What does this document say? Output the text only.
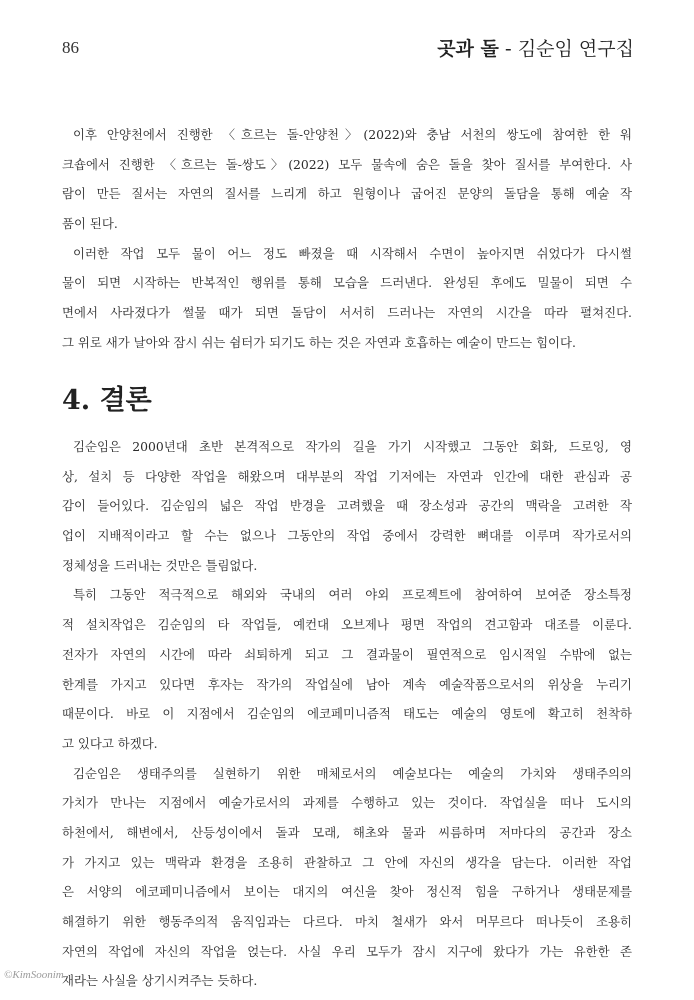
86	곳과 돌 - 김순임 연구집
이후 안양천에서 진행한 〈흐르는 돌-안양천〉(2022)와 충남 서천의 쌍도에 참여한 한 워
크숍에서 진행한 〈흐르는 돌-쌍도〉(2022) 모두 물속에 숨은 돌을 찾아 질서를 부여한다. 사
람이 만든 질서는 자연의 질서를 느리게 하고 원형이나 굽어진 문양의 돌담을 통해 예술 작
품이 된다.
이러한 작업 모두 물이 어느 정도 빠졌을 때 시작해서 수면이 높아지면 쉬었다가 다시썰
물이 되면 시작하는 반복적인 행위를 통해 모습을 드러낸다. 완성된 후에도 밀물이 되면 수
면에서 사라졌다가 썰물 때가 되면 돌담이 서서히 드러나는 자연의 시간을 따라 펼쳐진다.
그 위로 새가 날아와 잠시 쉬는 쉼터가 되기도 하는 것은 자연과 호흡하는 예술이 만드는 힘이다.
4. 결론
김순임은 2000년대 초반 본격적으로 작가의 길을 가기 시작했고 그동안 회화, 드로잉, 영
상, 설치 등 다양한 작업을 해왔으며 대부분의 작업 기저에는 자연과 인간에 대한 관심과 공
감이 들어있다. 김순임의 넓은 작업 반경을 고려했을 때 장소성과 공간의 맥락을 고려한 작
업이 지배적이라고 할 수는 없으나 그동안의 작업 중에서 강력한 뼈대를 이루며 작가로서의
정체성을 드러내는 것만은 틀림없다.
특히 그동안 적극적으로 해외와 국내의 여러 야외 프로젝트에 참여하여 보여준 장소특정
적 설치작업은 김순임의 타 작업들, 예컨대 오브제나 평면 작업의 견고함과 대조를 이룬다.
전자가 자연의 시간에 따라 쇠퇴하게 되고 그 결과물이 필연적으로 임시적일 수밖에 없는
한계를 가지고 있다면 후자는 작가의 작업실에 남아 계속 예술작품으로서의 위상을 누리기
때문이다. 바로 이 지점에서 김순임의 에코페미니즘적 태도는 예술의 영토에 확고히 천착하
고 있다고 하겠다.
김순임은 생태주의를 실현하기 위한 매체로서의 예술보다는 예술의 가치와 생태주의의
가치가 만나는 지점에서 예술가로서의 과제를 수행하고 있는 것이다. 작업실을 떠나 도시의
하천에서, 해변에서, 산등성이에서 돌과 모래, 해초와 물과 씨름하며 저마다의 공간과 장소
가 가지고 있는 맥락과 환경을 조용히 관찰하고 그 안에 자신의 생각을 담는다. 이러한 작업
은 서양의 에코페미니즘에서 보이는 대지의 여신을 찾아 정신적 힘을 구하거나 생태문제를
해결하기 위한 행동주의적 움직임과는 다르다. 마치 철새가 와서 머무르다 떠나듯이 조용히
자연의 작업에 자신의 작업을 얹는다. 사실 우리 모두가 잠시 지구에 왔다가 가는 유한한 존
재라는 사실을 상기시켜주는 듯하다.
©KimSoonim
